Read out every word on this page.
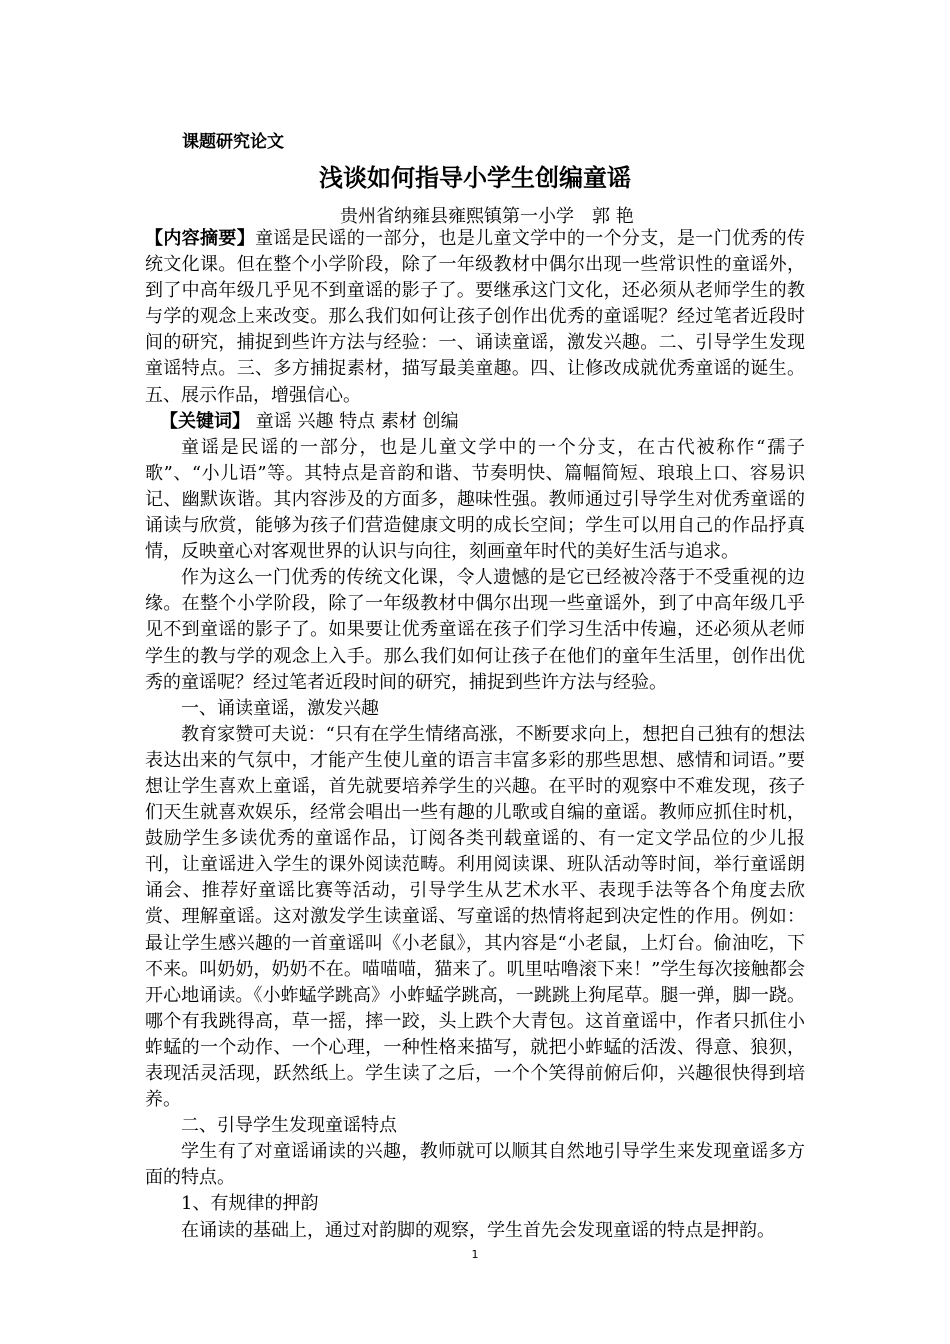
课题研究论文
浅谈如何指导小学生创编童谣
贵州省纳雍县雍熙镇第一小学　郭 艳

【内容摘要】童谣是民谣的一部分，也是儿童文学中的一个分支，是一门优秀的传统文化课。但在整个小学阶段，除了一年级教材中偶尔出现一些常识性的童谣外，到了中高年级几乎见不到童谣的影子了。要继承这门文化，还必须从老师学生的教与学的观念上来改变。那么我们如何让孩子创作出优秀的童谣呢？经过笔者近段时间的研究，捕捉到些许方法与经验：一、诵读童谣，激发兴趣。二、引导学生发现童谣特点。三、多方捕捉素材，描写最美童趣。四、让修改成就优秀童谣的诞生。五、展示作品，增强信心。

【关键词】 童谣 兴趣 特点 素材 创编

童谣是民谣的一部分，也是儿童文学中的一个分支，在古代被称作“孺子歌”、“小儿语”等。其特点是音韵和谐、节奏明快、篇幅简短、琅琅上口、容易识记、幽默诙谐。其内容涉及的方面多，趣味性强。教师通过引导学生对优秀童谣的诵读与欣赏，能够为孩子们营造健康文明的成长空间；学生可以用自己的作品抒真情，反映童心对客观世界的认识与向往，刻画童年时代的美好生活与追求。

作为这么一门优秀的传统文化课，令人遗憾的是它已经被冷落于不受重视的边缘。在整个小学阶段，除了一年级教材中偶尔出现一些童谣外，到了中高年级几乎见不到童谣的影子了。如果要让优秀童谣在孩子们学习生活中传遍，还必须从老师学生的教与学的观念上入手。那么我们如何让孩子在他们的童年生活里，创作出优秀的童谣呢？经过笔者近段时间的研究，捕捉到些许方法与经验。

一、诵读童谣，激发兴趣

教育家赞可夫说：“只有在学生情绪高涨，不断要求向上，想把自己独有的想法表达出来的气氛中，才能产生使儿童的语言丰富多彩的那些思想、感情和词语。”要想让学生喜欢上童谣，首先就要培养学生的兴趣。在平时的观察中不难发现，孩子们天生就喜欢娱乐，经常会唱出一些有趣的儿歌或自编的童谣。教师应抓住时机，鼓励学生多读优秀的童谣作品，订阅各类刊载童谣的、有一定文学品位的少儿报刊，让童谣进入学生的课外阅读范畴。利用阅读课、班队活动等时间，举行童谣朗诵会、推荐好童谣比赛等活动，引导学生从艺术水平、表现手法等各个角度去欣赏、理解童谣。这对激发学生读童谣、写童谣的热情将起到决定性的作用。例如：最让学生感兴趣的一首童谣叫《小老鼠》，其内容是“小老鼠，上灯台。偷油吃，下不来。叫奶奶，奶奶不在。喵喵喵，猫来了。叽里咕噜滚下来！”学生每次接触都会开心地诵读。《小蚱蜢学跳高》小蚱蜢学跳高，一跳跳上狗尾草。腿一弹，脚一跷。哪个有我跳得高，草一摇，摔一跤，头上跌个大青包。这首童谣中，作者只抓住小蚱蜢的一个动作、一个心理，一种性格来描写，就把小蚱蜢的活泼、得意、狼狈，表现活灵活现，跃然纸上。学生读了之后，一个个笑得前俯后仰，兴趣很快得到培养。

二、引导学生发现童谣特点

学生有了对童谣诵读的兴趣，教师就可以顺其自然地引导学生来发现童谣多方面的特点。

1、有规律的押韵

在诵读的基础上，通过对韵脚的观察，学生首先会发现童谣的特点是押韵。

1
